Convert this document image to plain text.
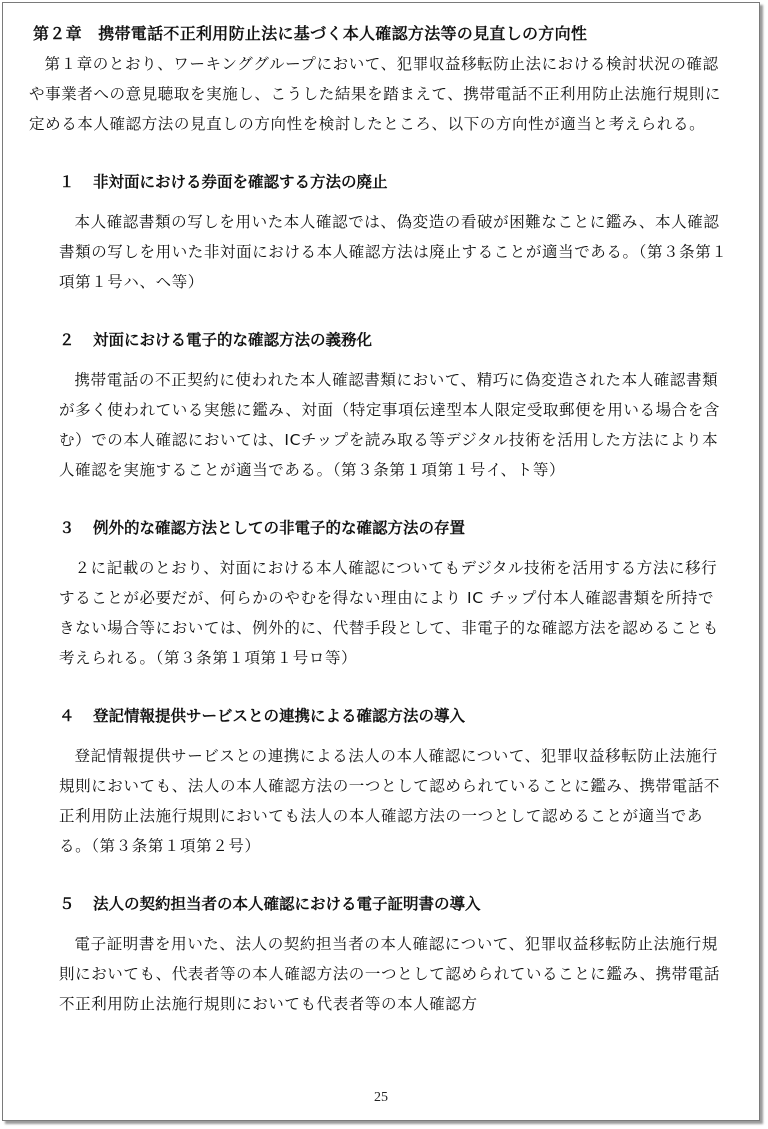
第２章　携帯電話不正利用防止法に基づく本人確認方法等の見直しの方向性

第１章のとおり、ワーキンググループにおいて、犯罪収益移転防止法における検討状況の確認や事業者への意見聴取を実施し、こうした結果を踏まえて、携帯電話不正利用防止法施行規則に定める本人確認方法の見直しの方向性を検討したところ、以下の方向性が適当と考えられる。

１	非対面における券面を確認する方法の廃止

本人確認書類の写しを用いた本人確認では、偽変造の看破が困難なことに鑑み、本人確認書類の写しを用いた非対面における本人確認方法は廃止することが適当である。（第３条第１項第１号ハ、ヘ等）

２	対面における電子的な確認方法の義務化

携帯電話の不正契約に使われた本人確認書類において、精巧に偽変造された本人確認書類が多く使われている実態に鑑み、対面（特定事項伝達型本人限定受取郵便を用いる場合を含む）での本人確認においては、ICチップを読み取る等デジタル技術を活用した方法により本人確認を実施することが適当である。（第３条第１項第１号イ、ト等）

３	例外的な確認方法としての非電子的な確認方法の存置

２に記載のとおり、対面における本人確認についてもデジタル技術を活用する方法に移行することが必要だが、何らかのやむを得ない理由により IC チップ付本人確認書類を所持できない場合等においては、例外的に、代替手段として、非電子的な確認方法を認めることも考えられる。（第３条第１項第１号ロ等）

４	登記情報提供サービスとの連携による確認方法の導入

登記情報提供サービスとの連携による法人の本人確認について、犯罪収益移転防止法施行規則においても、法人の本人確認方法の一つとして認められていることに鑑み、携帯電話不正利用防止法施行規則においても法人の本人確認方法の一つとして認めることが適当である。（第３条第１項第２号）

５	法人の契約担当者の本人確認における電子証明書の導入

電子証明書を用いた、法人の契約担当者の本人確認について、犯罪収益移転防止法施行規則においても、代表者等の本人確認方法の一つとして認められていることに鑑み、携帯電話不正利用防止法施行規則においても代表者等の本人確認方

25
